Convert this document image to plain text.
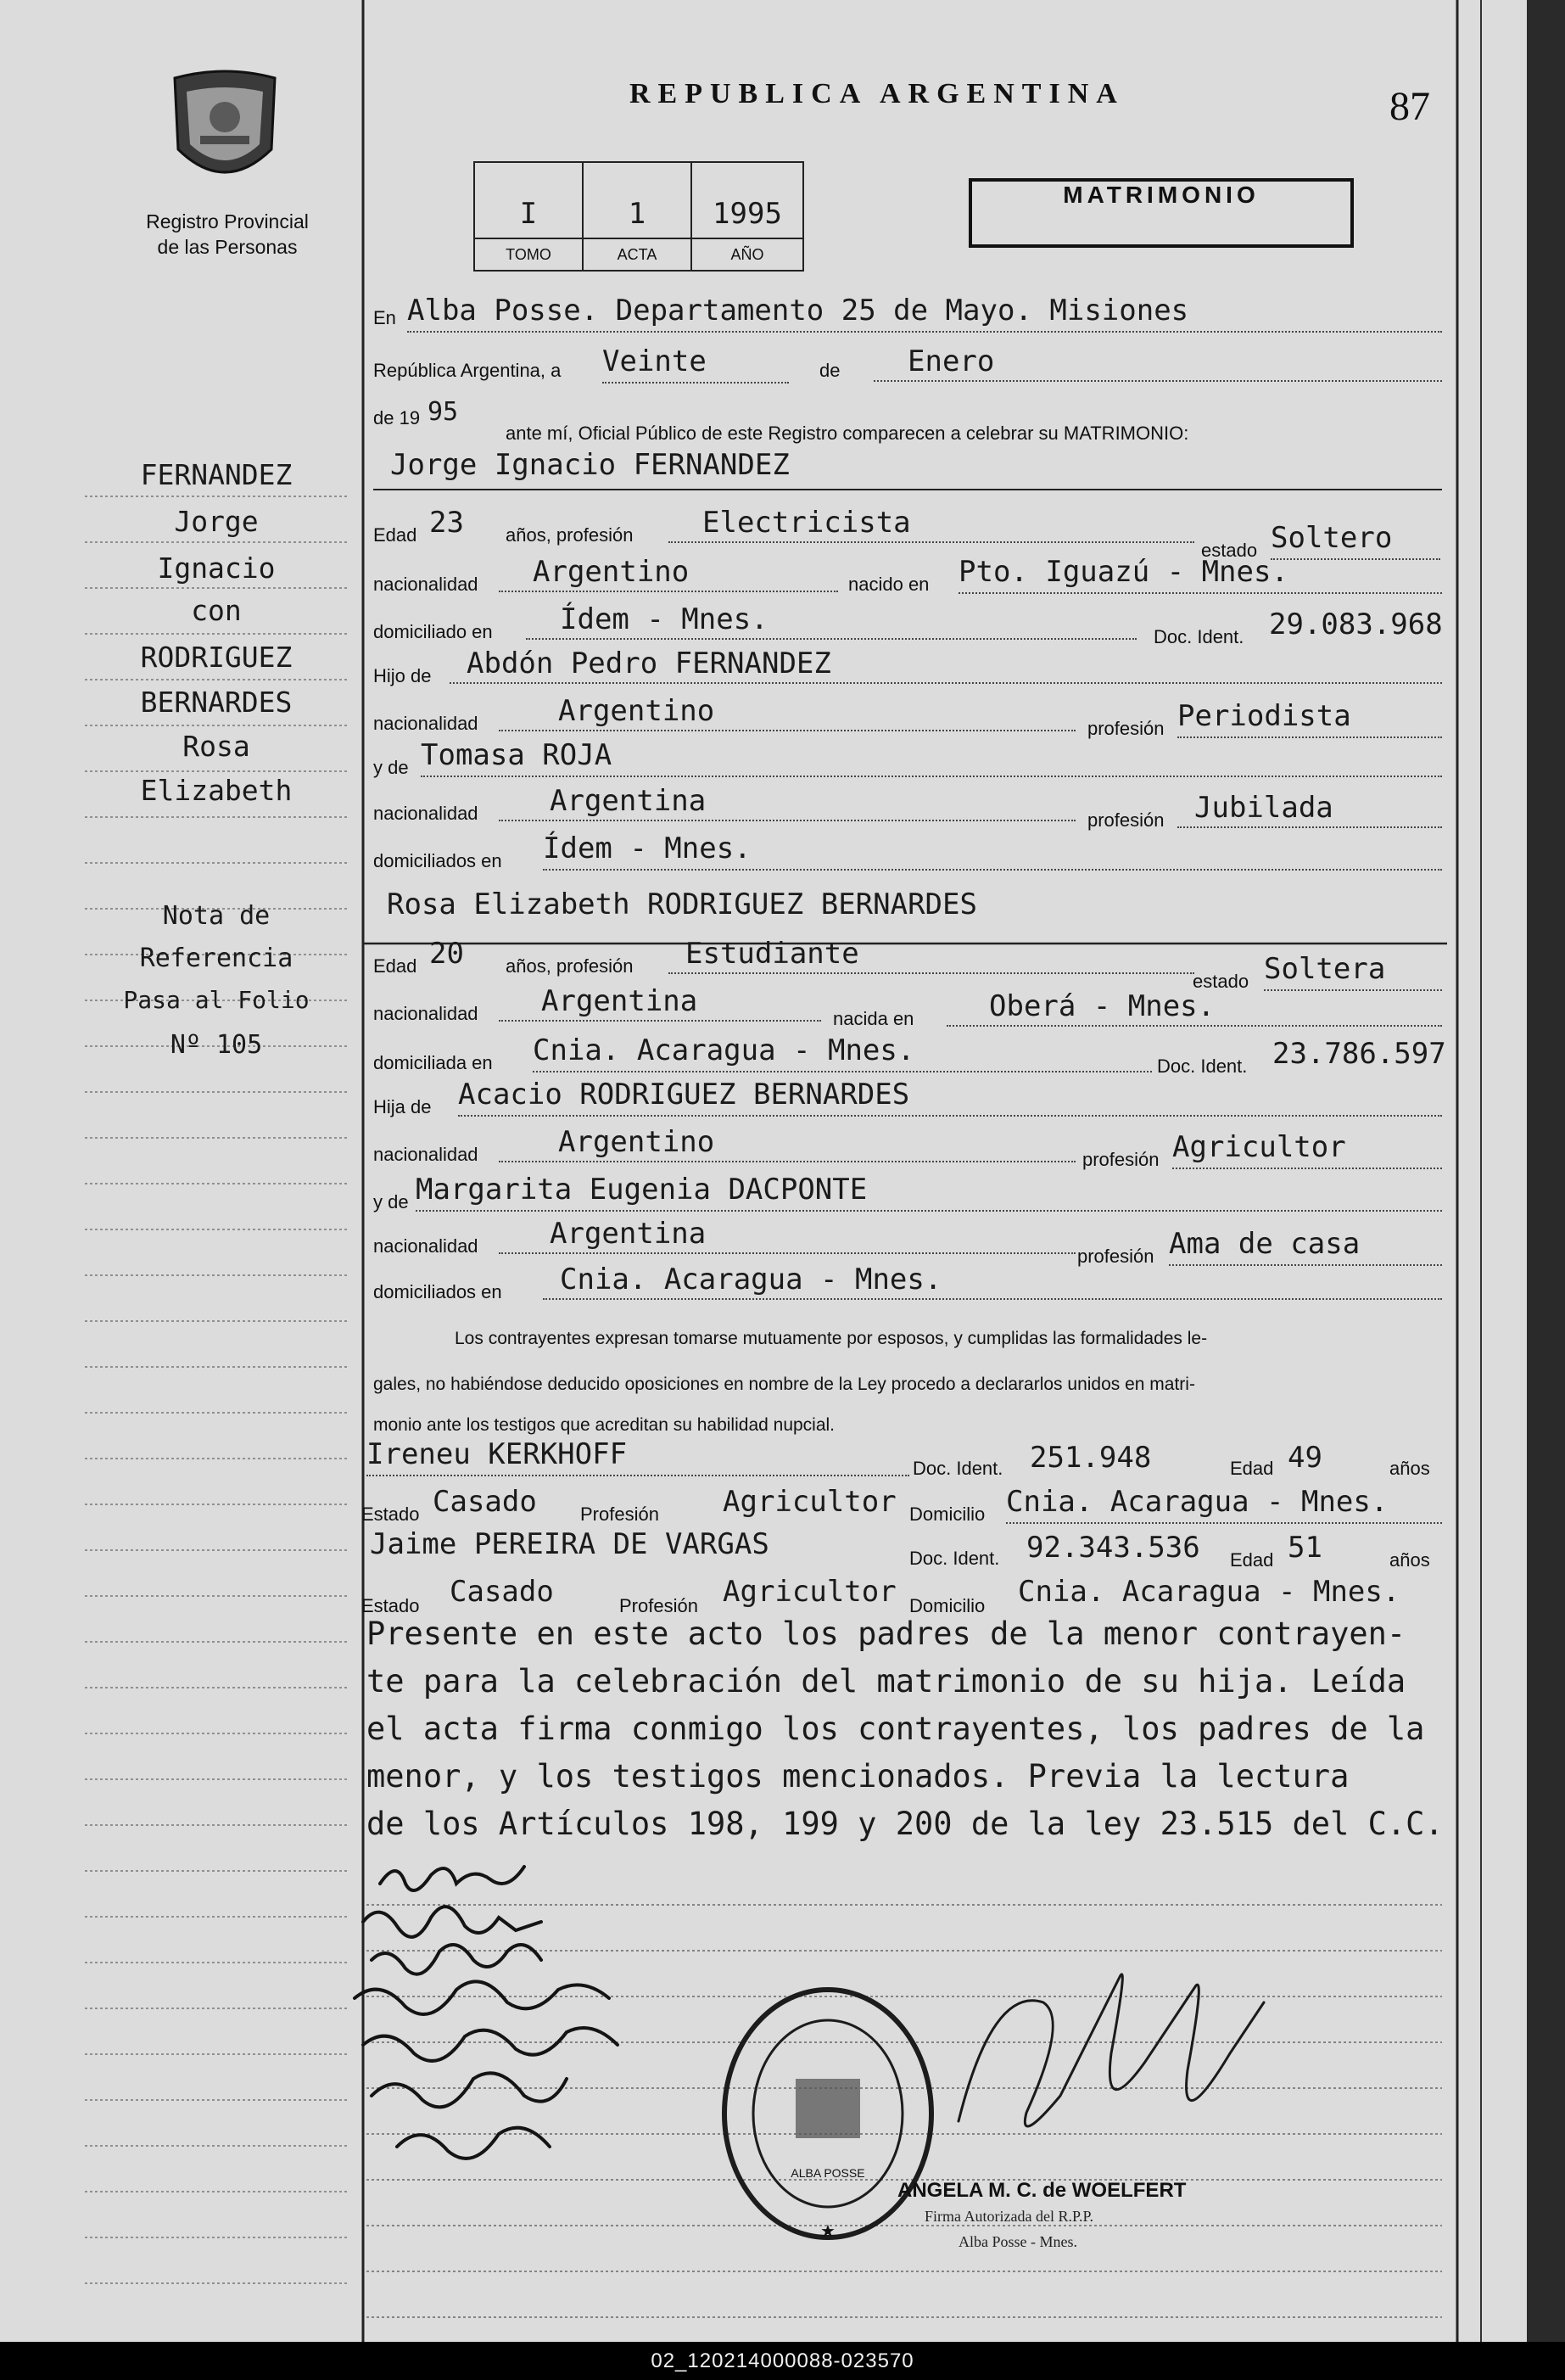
Registro Provincial
de las Personas
REPUBLICA ARGENTINA	87
I
TOMO
1
ACTA
1995
AÑO
MATRIMONIO
FERNANDEZ
Jorge
Ignacio
con
RODRIGUEZ
BERNARDES
Rosa
Elizabeth
Nota de
Referencia
Pasa al Folio
Nº 105
En Alba Posse. Departamento 25 de Mayo. Misiones
República Argentina, a Veinte	de	Enero
de 19 95
ante mí, Oficial Público de este Registro comparecen a celebrar su MATRIMONIO:
Jorge Ignacio FERNANDEZ
Edad 23 años, profesión	Electricista
estado Soltero
nacionalidad	Argentino	nacido en Pto. Iguazú - Mnes.
domiciliado en	Ídem - Mnes.
Doc. Ident. 29.083.968
Hijo de	Abdón Pedro FERNANDEZ
nacionalidad	Argentino
profesión Periodista
y de Tomasa ROJA
nacionalidad	Argentina
profesión	Jubilada
domiciliados en Ídem - Mnes.
Rosa Elizabeth RODRIGUEZ BERNARDES
Edad 20 años, profesión	Estudiante
estado Soltera
nacionalidad	Argentina
nacida en	Oberá - Mnes.
domiciliada en Cnia. Acaragua - Mnes.	Doc. Ident. 23.786.597
Hija de Acacio RODRIGUEZ BERNARDES
nacionalidad	Argentino
profesión Agricultor
y de Margarita Eugenia DACPONTE
nacionalidad	Argentina
profesión Ama de casa
domiciliados en	Cnia. Acaragua - Mnes.
Los contrayentes expresan tomarse mutuamente por esposos, y cumplidas las formalidades le-
gales, no habiéndose deducido oposiciones en nombre de la Ley procedo a declararlos unidos en matri-
monio ante los testigos que acreditan su habilidad nupcial.
Ireneu KERKHOFF	Doc. Ident. 251.948	Edad 49	años
Estado Casado Profesión Agricultor Domicilio Cnia. Acaragua - Mnes.
Jaime PEREIRA DE VARGAS	Doc. Ident. 92.343.536 Edad 51	años
Estado Casado	Profesión Agricultor Domicilio Cnia. Acaragua - Mnes.
Presente en este acto los padres de la menor contrayen-
te para la celebración del matrimonio de su hija. Leída
el acta firma conmigo los contrayentes, los padres de la
menor, y los testigos mencionados. Previa la lectura
de los Artículos 198, 199 y 200 de la ley 23.515 del C.C.
ALBA POSSE
★
ANGELA M. C. de WOELFERT
Firma Autorizada del R.P.P.
Alba Posse - Mnes.
02_120214000088-023570
